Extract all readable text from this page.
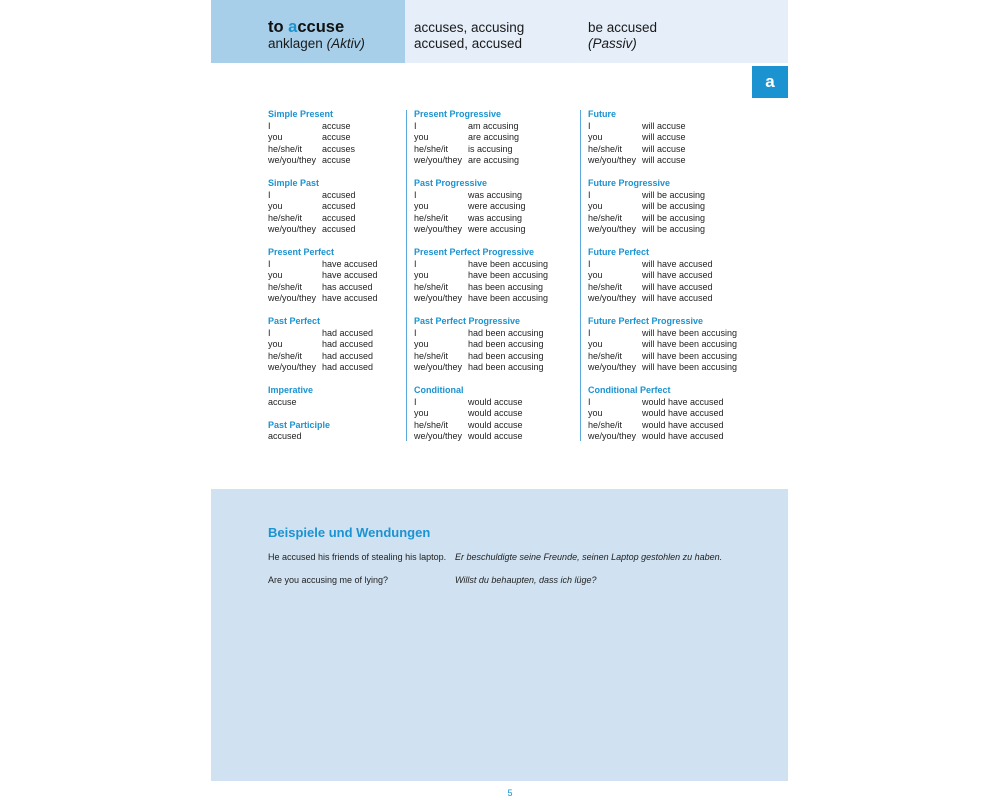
to accuse
anklagen (Aktiv)
accuses, accusing
accused, accused
be accused
(Passiv)
a
Simple Present
I	accuse
you	accuse
he/she/it accuses
we/you/they accuse
Simple Past
I	accused
you	accused
he/she/it accused
we/you/they accused
Present Perfect
I	have accused
you	have accused
he/she/it has accused
we/you/they have accused
Past Perfect
I	had accused
you	had accused
he/she/it had accused
we/you/they had accused
Imperative
accuse
Past Participle
accused
Present Progressive
I	am accusing
you	are accusing
he/she/it is accusing
we/you/they are accusing
Past Progressive
I	was accusing
you	were accusing
he/she/it was accusing
we/you/they were accusing
Present Perfect Progressive
I	have been accusing
you	have been accusing
he/she/it has been accusing
we/you/they have been accusing
Past Perfect Progressive
I	had been accusing
you	had been accusing
he/she/it had been accusing
we/you/they had been accusing
Conditional
I	would accuse
you	would accuse
he/she/it would accuse
we/you/they would accuse
Future
I	will accuse
you	will accuse
he/she/it will accuse
we/you/they will accuse
Future Progressive
I	will be accusing
you	will be accusing
he/she/it will be accusing
we/you/they will be accusing
Future Perfect
I	will have accused
you	will have accused
he/she/it will have accused
we/you/they will have accused
Future Perfect Progressive
I	will have been accusing
you	will have been accusing
he/she/it will have been accusing
we/you/they will have been accusing
Conditional Perfect
I	would have accused
you	would have accused
he/she/it would have accused
we/you/they would have accused
Beispiele und Wendungen
He accused his friends of stealing his laptop. Er beschuldigte seine Freunde, seinen Laptop gestohlen zu haben.
Are you accusing me of lying?	Willst du behaupten, dass ich lüge?
5
